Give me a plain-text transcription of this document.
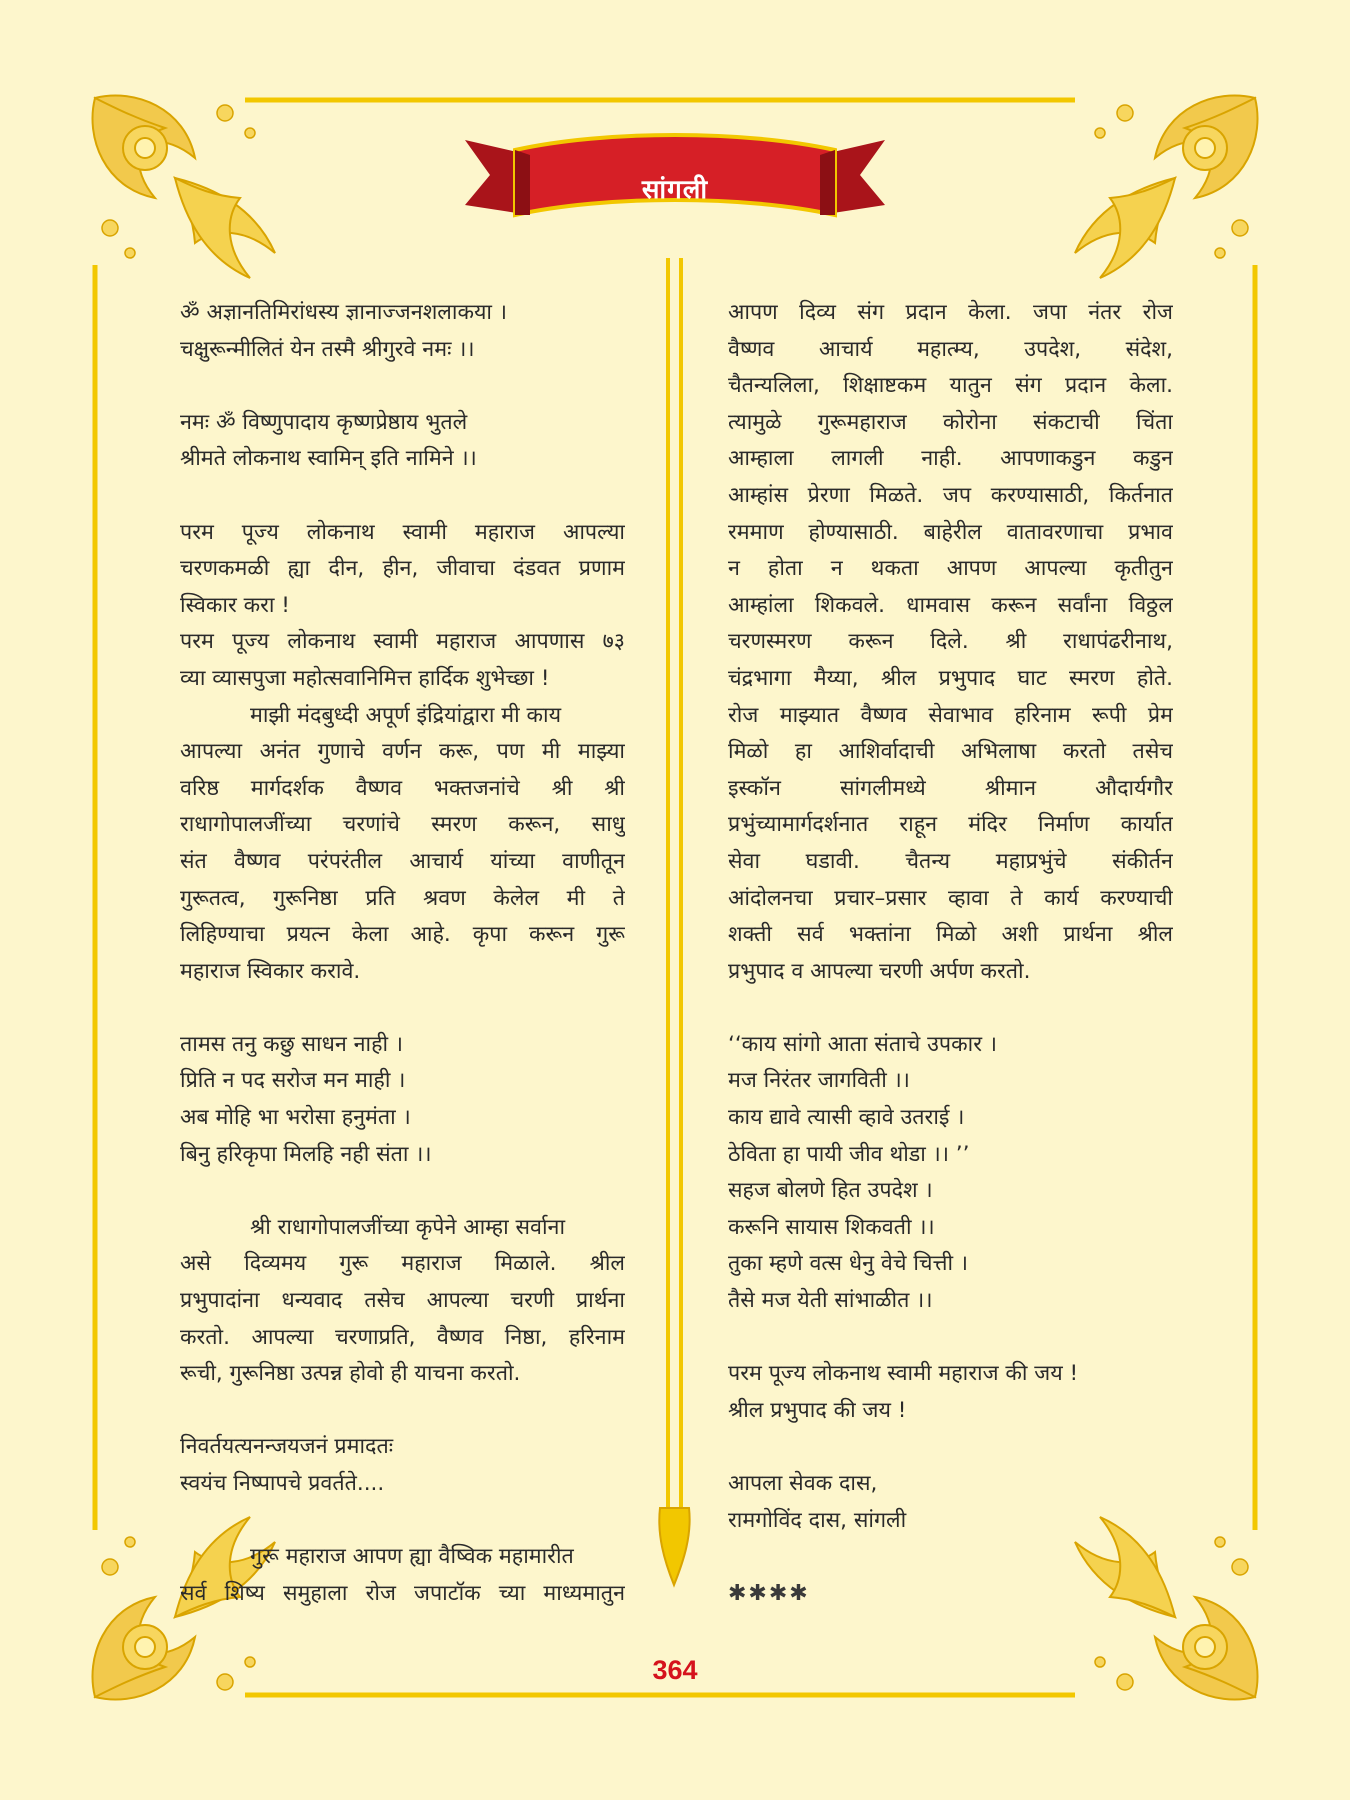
सांगली
ॐ अज्ञानतिमिरांधस्य ज्ञानाज्जनशलाकया ।
चक्षुरून्मीलितं येन तस्मै श्रीगुरवे नमः ।।
नमः ॐ विष्णुपादाय कृष्णप्रेष्ठाय भुतले
श्रीमते लोकनाथ स्वामिन् इति नामिने ।।
परम पूज्य लोकनाथ स्वामी महाराज आपल्या
चरणकमळी ह्या दीन, हीन, जीवाचा दंडवत प्रणाम
स्विकार करा !
परम पूज्य लोकनाथ स्वामी महाराज आपणास ७३
व्या व्यासपुजा महोत्सवानिमित्त हार्दिक शुभेच्छा !
माझी मंदबुध्दी अपूर्ण इंद्रियांद्वारा मी काय
आपल्या अनंत गुणाचे वर्णन करू, पण मी माझ्या
वरिष्ठ मार्गदर्शक वैष्णव भक्तजनांचे श्री श्री
राधागोपालजींच्या चरणांचे स्मरण करून, साधु
संत वैष्णव परंपरंतील आचार्य यांच्या वाणीतून
गुरूतत्व, गुरूनिष्ठा प्रति श्रवण केलेल मी ते
लिहिण्याचा प्रयत्न केला आहे. कृपा करून गुरू
महाराज स्विकार करावे.
तामस तनु कछु साधन नाही ।
प्रिति न पद सरोज मन माही ।
अब मोहि भा भरोसा हनुमंता ।
बिनु हरिकृपा मिलहि नही संता ।।
श्री राधागोपालजींच्या कृपेने आम्हा सर्वाना
असे दिव्यमय गुरू महाराज मिळाले. श्रील
प्रभुपादांना धन्यवाद तसेच आपल्या चरणी प्रार्थना
करतो. आपल्या चरणाप्रति, वैष्णव निष्ठा, हरिनाम
रूची, गुरूनिष्ठा उत्पन्न होवो ही याचना करतो.
निवर्तयत्यनन्जयजनं प्रमादतः
स्वयंच निष्पापचे प्रवर्तते....
गुरू महाराज आपण ह्या वैष्विक महामारीत
सर्व शिष्य समुहाला रोज जपाटॉक च्या माध्यमातुन
आपण दिव्य संग प्रदान केला. जपा नंतर रोज
वैष्णव आचार्य महात्म्य, उपदेश, संदेश,
चैतन्यलिला, शिक्षाष्टकम यातुन संग प्रदान केला.
त्यामुळे गुरूमहाराज कोरोना संकटाची चिंता
आम्हाला लागली नाही. आपणाकडुन कडुन
आम्हांस प्रेरणा मिळते. जप करण्यासाठी, किर्तनात
रममाण होण्यासाठी. बाहेरील वातावरणाचा प्रभाव
न होता न थकता आपण आपल्या कृतीतुन
आम्हांला शिकवले. धामवास करून सर्वांना विठ्ठल
चरणस्मरण करून दिले. श्री राधापंढरीनाथ,
चंद्रभागा मैय्या, श्रील प्रभुपाद घाट स्मरण होते.
रोज माझ्यात वैष्णव सेवाभाव हरिनाम रूपी प्रेम
मिळो हा आशिर्वादाची अभिलाषा करतो तसेच
इस्कॉन सांगलीमध्ये श्रीमान औदार्यगौर
प्रभुंच्यामार्गदर्शनात राहून मंदिर निर्माण कार्यात
सेवा घडावी. चैतन्य महाप्रभुंचे संकीर्तन
आंदोलनचा प्रचार–प्रसार व्हावा ते कार्य करण्याची
शक्ती सर्व भक्तांना मिळो अशी प्रार्थना श्रील
प्रभुपाद व आपल्या चरणी अर्पण करतो.
‘‘काय सांगो आता संताचे उपकार ।
मज निरंतर जागविती ।।
काय द्यावे त्यासी व्हावे उतराई ।
ठेविता हा पायी जीव थोडा ।। ’’
सहज बोलणे हित उपदेश ।
करूनि सायास शिकवती ।।
तुका म्हणे वत्स धेनु वेचे चित्ती ।
तैसे मज येती सांभाळीत ।।
परम पूज्य लोकनाथ स्वामी महाराज की जय !
श्रील प्रभुपाद की जय !
आपला सेवक दास,
रामगोविंद दास, सांगली
✱✱✱✱
364
